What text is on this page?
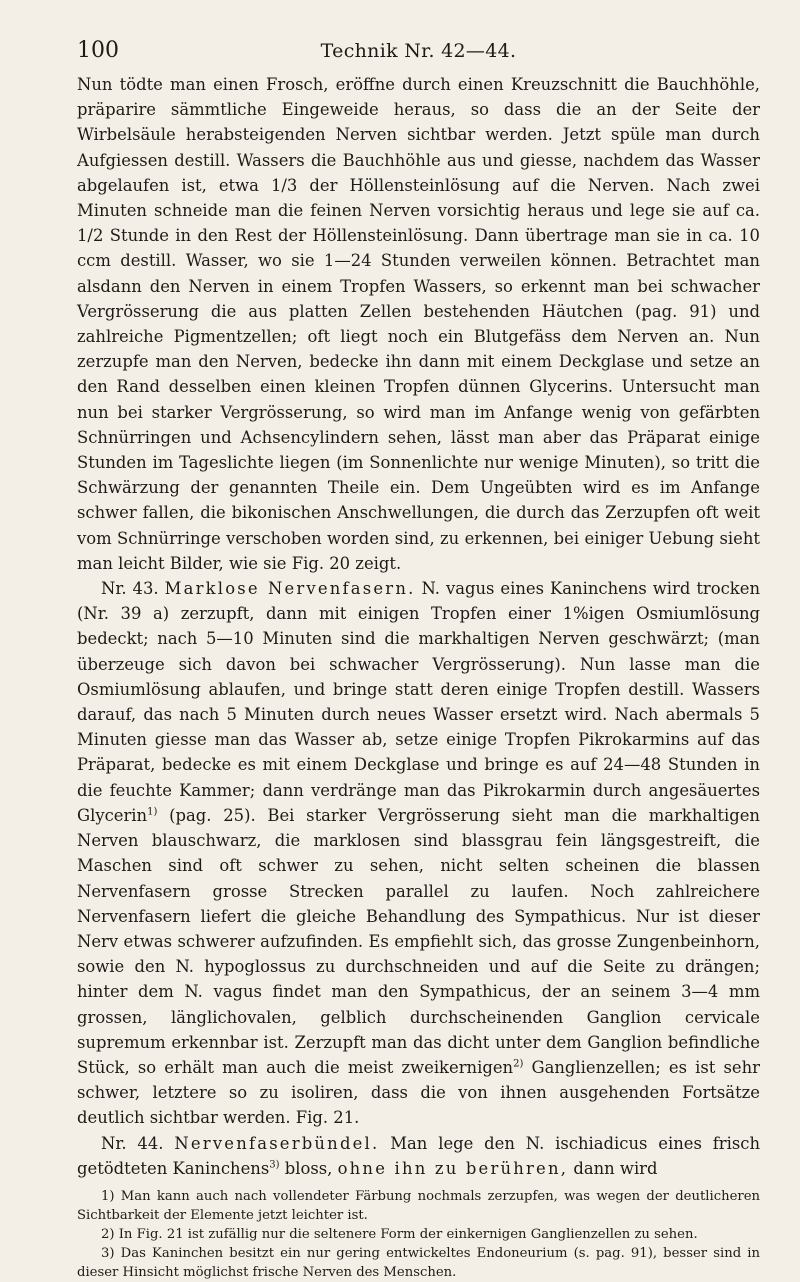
100	Technik Nr. 42—44.

Nun tödte man einen Frosch, eröffne durch einen Kreuzschnitt die Bauchhöhle, präparire sämmtliche Eingeweide heraus, so dass die an der Seite der Wirbelsäule herabsteigenden Nerven sichtbar werden. Jetzt spüle man durch Aufgiessen destill. Wassers die Bauchhöhle aus und giesse, nachdem das Wasser abgelaufen ist, etwa 1/3 der Höllensteinlösung auf die Nerven. Nach zwei Minuten schneide man die feinen Nerven vorsichtig heraus und lege sie auf ca. 1/2 Stunde in den Rest der Höllensteinlösung. Dann übertrage man sie in ca. 10 ccm destill. Wasser, wo sie 1—24 Stunden verweilen können. Betrachtet man alsdann den Nerven in einem Tropfen Wassers, so erkennt man bei schwacher Vergrösserung die aus platten Zellen bestehenden Häutchen (pag. 91) und zahlreiche Pigmentzellen; oft liegt noch ein Blutgefäss dem Nerven an. Nun zerzupfe man den Nerven, bedecke ihn dann mit einem Deckglase und setze an den Rand desselben einen kleinen Tropfen dünnen Glycerins. Untersucht man nun bei starker Vergrösserung, so wird man im Anfange wenig von gefärbten Schnürringen und Achsencylindern sehen, lässt man aber das Präparat einige Stunden im Tageslichte liegen (im Sonnenlichte nur wenige Minuten), so tritt die Schwärzung der genannten Theile ein. Dem Ungeübten wird es im Anfange schwer fallen, die bikonischen Anschwellungen, die durch das Zerzupfen oft weit vom Schnürringe verschoben worden sind, zu erkennen, bei einiger Uebung sieht man leicht Bilder, wie sie Fig. 20 zeigt.

Nr. 43. Marklose Nervenfasern. N. vagus eines Kaninchens wird trocken (Nr. 39 a) zerzupft, dann mit einigen Tropfen einer 1%igen Osmiumlösung bedeckt; nach 5—10 Minuten sind die markhaltigen Nerven geschwärzt; (man überzeuge sich davon bei schwacher Vergrösserung). Nun lasse man die Osmiumlösung ablaufen, und bringe statt deren einige Tropfen destill. Wassers darauf, das nach 5 Minuten durch neues Wasser ersetzt wird. Nach abermals 5 Minuten giesse man das Wasser ab, setze einige Tropfen Pikrokarmins auf das Präparat, bedecke es mit einem Deckglase und bringe es auf 24—48 Stunden in die feuchte Kammer; dann verdränge man das Pikrokarmin durch angesäuertes Glycerin$^{1)}$ (pag. 25). Bei starker Vergrösserung sieht man die markhaltigen Nerven blauschwarz, die marklosen sind blassgrau fein längsgestreift, die Maschen sind oft schwer zu sehen, nicht selten scheinen die blassen Nervenfasern grosse Strecken parallel zu laufen. Noch zahlreichere Nervenfasern liefert die gleiche Behandlung des Sympathicus. Nur ist dieser Nerv etwas schwerer aufzufinden. Es empfiehlt sich, das grosse Zungenbeinhorn, sowie den N. hypoglossus zu durchschneiden und auf die Seite zu drängen; hinter dem N. vagus findet man den Sympathicus, der an seinem 3—4 mm grossen, länglichovalen, gelblich durchscheinenden Ganglion cervicale supremum erkennbar ist. Zerzupft man das dicht unter dem Ganglion befindliche Stück, so erhält man auch die meist zweikernigen$^{2)}$ Ganglienzellen; es ist sehr schwer, letztere so zu isoliren, dass die von ihnen ausgehenden Fortsätze deutlich sichtbar werden. Fig. 21.

Nr. 44. Nervenfaserbündel. Man lege den N. ischiadicus eines frisch getödteten Kaninchens$^{3)}$ bloss, ohne ihn zu berühren, dann wird

1) Man kann auch nach vollendeter Färbung nochmals zerzupfen, was wegen der deutlicheren Sichtbarkeit der Elemente jetzt leichter ist.

2) In Fig. 21 ist zufällig nur die seltenere Form der einkernigen Ganglienzellen zu sehen.

3) Das Kaninchen besitzt ein nur gering entwickeltes Endoneurium (s. pag. 91), besser sind in dieser Hinsicht möglichst frische Nerven des Menschen.
